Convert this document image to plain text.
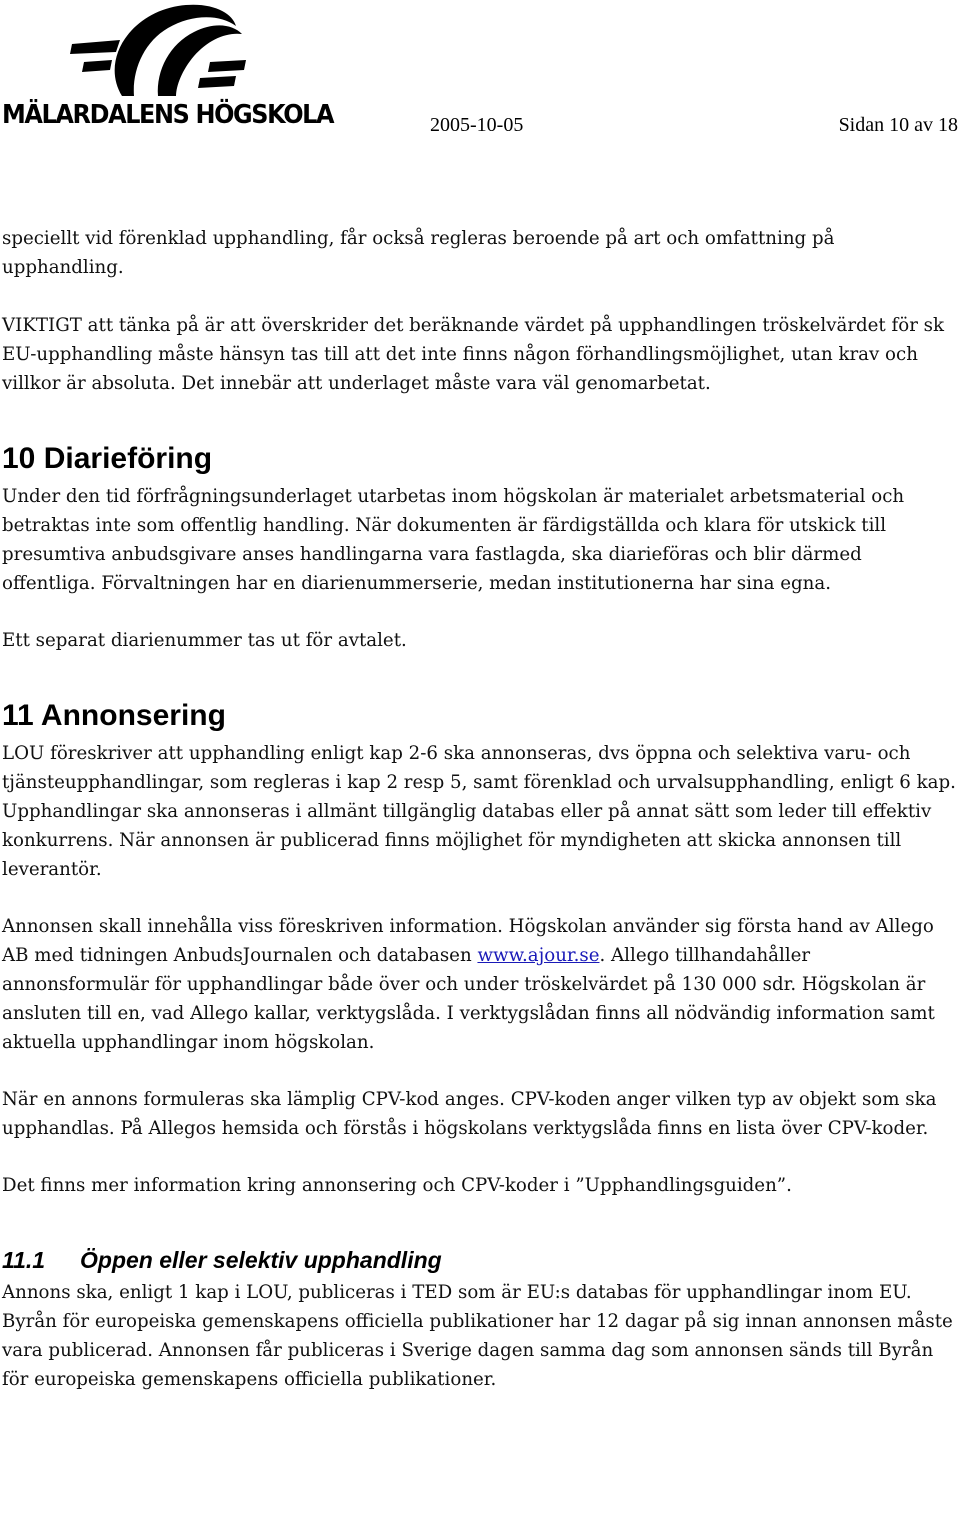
MÄLARDALENS HÖGSKOLA	2005-10-05	Sidan 10 av 18

speciellt vid förenklad upphandling, får också regleras beroende på art och omfattning på upphandling.

VIKTIGT att tänka på är att överskrider det beräknande värdet på upphandlingen tröskelvärdet för sk EU-upphandling måste hänsyn tas till att det inte finns någon förhandlingsmöjlighet, utan krav och villkor är absoluta. Det innebär att underlaget måste vara väl genomarbetat.

10 Diarieföring

Under den tid förfrågningsunderlaget utarbetas inom högskolan är materialet arbetsmaterial och betraktas inte som offentlig handling. När dokumenten är färdigställda och klara för utskick till presumtiva anbudsgivare anses handlingarna vara fastlagda, ska diarieföras och blir därmed offentliga. Förvaltningen har en diarienummerserie, medan institutionerna har sina egna.

Ett separat diarienummer tas ut för avtalet.

11 Annonsering

LOU föreskriver att upphandling enligt kap 2-6 ska annonseras, dvs öppna och selektiva varu- och tjänsteupphandlingar, som regleras i kap 2 resp 5, samt förenklad och urvalsupphandling, enligt 6 kap. Upphandlingar ska annonseras i allmänt tillgänglig databas eller på annat sätt som leder till effektiv konkurrens. När annonsen är publicerad finns möjlighet för myndigheten att skicka annonsen till leverantör.

Annonsen skall innehålla viss föreskriven information. Högskolan använder sig första hand av Allego AB med tidningen AnbudsJournalen och databasen www.ajour.se. Allego tillhandahåller annonsformulär för upphandlingar både över och under tröskelvärdet på 130 000 sdr. Högskolan är ansluten till en, vad Allego kallar, verktygslåda. I verktygslådan finns all nödvändig information samt aktuella upphandlingar inom högskolan.

När en annons formuleras ska lämplig CPV-kod anges. CPV-koden anger vilken typ av objekt som ska upphandlas. På Allegos hemsida och förstås i högskolans verktygslåda finns en lista över CPV-koder.

Det finns mer information kring annonsering och CPV-koder i ”Upphandlingsguiden”.

11.1 Öppen eller selektiv upphandling

Annons ska, enligt 1 kap i LOU, publiceras i TED som är EU:s databas för upphandlingar inom EU. Byrån för europeiska gemenskapens officiella publikationer har 12 dagar på sig innan annonsen måste vara publicerad. Annonsen får publiceras i Sverige dagen samma dag som annonsen sänds till Byrån för europeiska gemenskapens officiella publikationer.
